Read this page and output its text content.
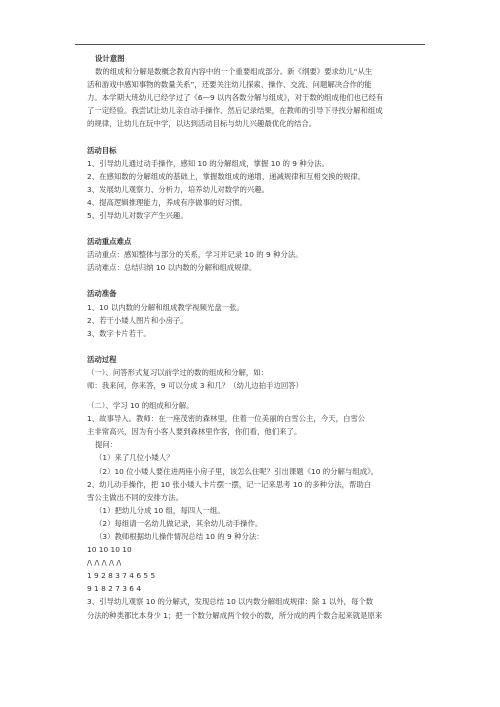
设计意图

数的组成和分解是数概念教育内容中的一个重要组成部分。新《纲要》要求幼儿“从生

活和游戏中感知事物的数量关系”，还要关注幼儿探索、操作、交流、问题解决合作的能

力。本学期大班幼儿已经学过了《6—9 以内各数分解与组成》，对于数的组成他们也已经有

了一定经验。我尝试让幼儿亲自动手操作、然后记录结果，在教师的引导下寻找分解和组成

的规律，让幼儿在玩中学，以达到活动目标与幼儿兴趣最优化的结合。

活动目标

1、引导幼儿通过动手操作，感知 10 的分解组成，掌握 10 的 9 种分法。

2、在感知数的分解组成的基础上，掌握数组成的递增、递减规律和互相交换的规律。

3、发展幼儿观察力、分析力，培养幼儿对数学的兴趣。

4、提高逻辑推理能力，养成有序做事的好习惯。

5、引导幼儿对数字产生兴趣。

活动重点难点

活动重点：感知整体与部分的关系，学习并记录 10 的 9 种分法。

活动难点：总结归纳 10 以内数的分解和组成规律。

活动准备

1、10 以内数的分解和组成教学视频光盘一张。

2、若干小矮人图片和小房子。

3、数字卡片若干。

活动过程

（一）、问答形式复习以前学过的数的组成和分解，如：

师：我来问，你来答，9 可以分成 3 和几？（幼儿边拍手边回答）

（二）、学习 10 的组成和分解。

1、故事导入。教师：在一座茂密的森林里，住着一位美丽的白雪公主，今天，白雪公

主非常高兴，因为有小客人要到森林里作客，你们看，他们来了。

提问：

（1）来了几位小矮人？

（2）10 位小矮人要住进两座小房子里，该怎么住呢？引出课题《10 的分解与组成》。

2、幼儿动手操作，把 10 张小矮人卡片摆一摆，记一记来思考 10 的多种分法，帮助白

雪公主做出不同的安排方法。

（1）把幼儿分成 10 组，每四人一组。

（2）每组请一名幼儿做记录，其余幼儿动手操作。

（3）教师根据幼儿操作情况总结 10 的 9 种分法：

10 10 10 10

/\ /\ /\ /\ /\

1 9 2 8 3 7 4 6 5 5

9 1 8 2 7 3 6 4

3、引导幼儿观察 10 的分解式，发现总结 10 以内数分解组成规律：除 1 以外，每个数

分法的种类都比本身少 1；把一个数分解成两个较小的数，所分成的两个数合起来就是原来
